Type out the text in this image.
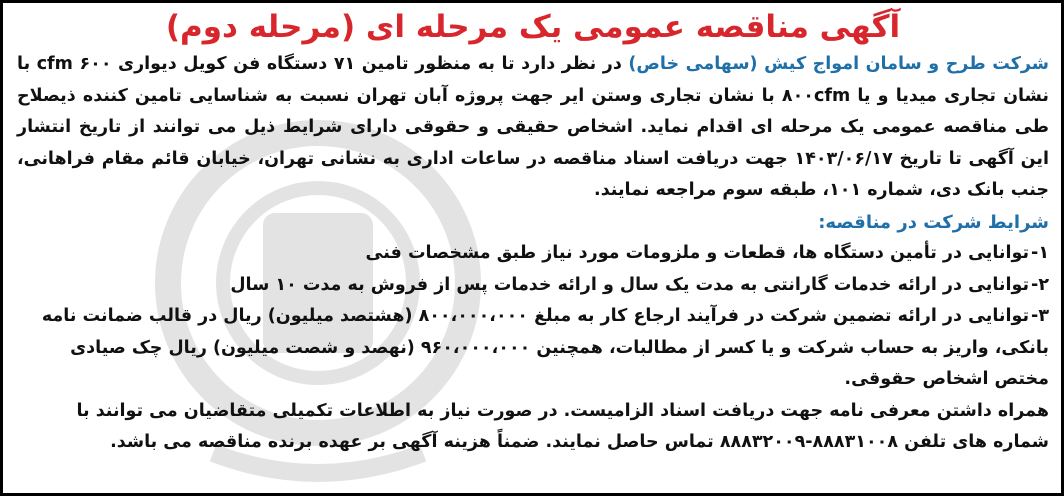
آگهی مناقصه عمومی یک مرحله ای (مرحله دوم)

شرکت طرح و سامان امواج کیش (سهامی خاص) در نظر دارد تا به منظور تامین ۷۱ دستگاه فن کویل دیواری ۶۰۰ cfm با نشان تجاری میدیا و یا ۸۰۰cfm با نشان تجاری وستن ایر جهت پروژه آبان تهران نسبت به شناسایی تامین کننده ذیصلاح طی مناقصه عمومی یک مرحله ای اقدام نماید. اشخاص حقیقی و حقوقی دارای شرایط ذیل می توانند از تاریخ انتشار این آگهی تا تاریخ ۱۴۰۳/۰۶/۱۷ جهت دریافت اسناد مناقصه در ساعات اداری به نشانی تهران، خیابان قائم مقام فراهانی، جنب بانک دی، شماره ۱۰۱، طبقه سوم مراجعه نمایند.

شرایط شرکت در مناقصه:

۱-توانایی در تأمین دستگاه ها، قطعات و ملزومات مورد نیاز طبق مشخصات فنی

۲-توانایی در ارائه خدمات گارانتی به مدت یک سال و ارائه خدمات پس از فروش به مدت ۱۰ سال

۳-توانایی در ارائه تضمین شرکت در فرآیند ارجاع کار به مبلغ ۸۰۰،۰۰۰،۰۰۰ (هشتصد میلیون) ریال در قالب ضمانت نامه بانکی، واریز به حساب شرکت و یا کسر از مطالبات، همچنین ۹۶۰،۰۰۰،۰۰۰ (نهصد و شصت میلیون) ریال چک صیادی مختص اشخاص حقوقی.

همراه داشتن معرفی نامه جهت دریافت اسناد الزامیست. در صورت نیاز به اطلاعات تکمیلی متقاضیان می توانند با شماره های تلفن ۸۸۸۳۱۰۰۸-۸۸۸۳۲۰۰۹ تماس حاصل نمایند. ضمناً هزینه آگهی بر عهده برنده مناقصه می باشد.
